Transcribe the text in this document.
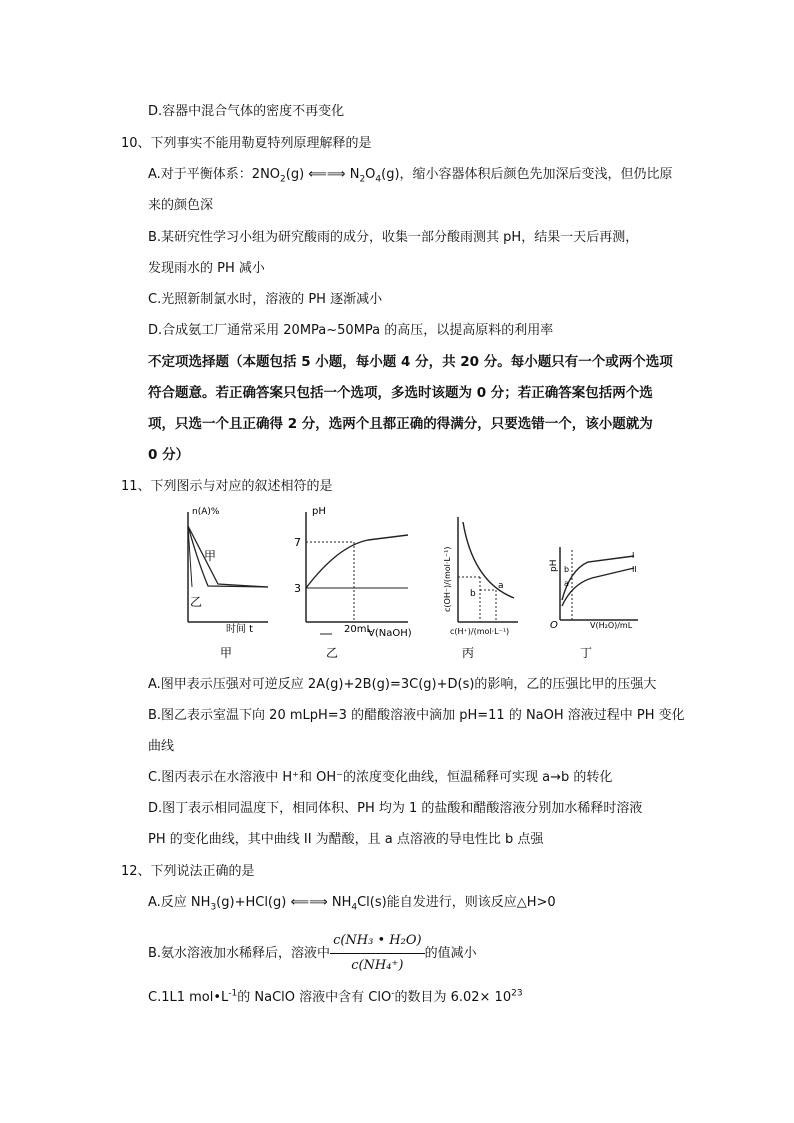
D.容器中混合气体的密度不再变化
10、下列事实不能用勒夏特列原理解释的是
A.对于平衡体系：$2NO_2(g)$ ⟸⟹ $N_2O_4(g)$，缩小容器体积后颜色先加深后变浅，但仍比原
来的颜色深
B.某研究性学习小组为研究酸雨的成分，收集一部分酸雨测其 pH，结果一天后再测，
发现雨水的 PH 减小
C.光照新制氯水时，溶液的 PH 逐渐减小
D.合成氨工厂通常采用 20MPa~50MPa 的高压，以提高原料的利用率
不定项选择题（本题包括 5 小题，每小题 4 分，共 20 分。每小题只有一个或两个选项
符合题意。若正确答案只包括一个选项，多选时该题为 0 分；若正确答案包括两个选
项，只选一个且正确得 2 分，选两个且都正确的得满分，只要选错一个，该小题就为
0 分）
11、下列图示与对应的叙述相符的是
n(A)%
甲
乙
时间 t
甲
pH
7
3
20mL
V(NaOH)
乙
c(OH⁻)/(mol·L⁻¹)	a
b
c(H⁺)/(mol·L⁻¹)
丙
pH
I
II
b
a
O	V(H₂O)/mL
丁
A.图甲表示压强对可逆反应 2A(g)+2B(g)=3C(g)+D(s)的影响，乙的压强比甲的压强大
B.图乙表示室温下向 20 mLpH=3 的醋酸溶液中滴加 pH=11 的 NaOH 溶液过程中 PH 变化
曲线
C.图丙表示在水溶液中 H⁺和 OH⁻的浓度变化曲线，恒温稀释可实现 a→b 的转化
D.图丁表示相同温度下，相同体积、PH 均为 1 的盐酸和醋酸溶液分别加水稀释时溶液
PH 的变化曲线，其中曲线 II 为醋酸，且 a 点溶液的导电性比 b 点强
12、下列说法正确的是
A.反应 $NH_3(g)+HCl(g)$ ⟸⟹ $NH_4Cl(s)$能自发进行，则该反应△H>0
B.氨水溶液加水稀释后，溶液中 $\frac{\text{c(NH₃ • H₂O)}}{\text{c(NH₄⁺)}}$ 的值减小
C.1L1 $mol•L^{-1}$的 NaClO 溶液中含有 ClO-的数目为 $6.02\times 10^{23}$
